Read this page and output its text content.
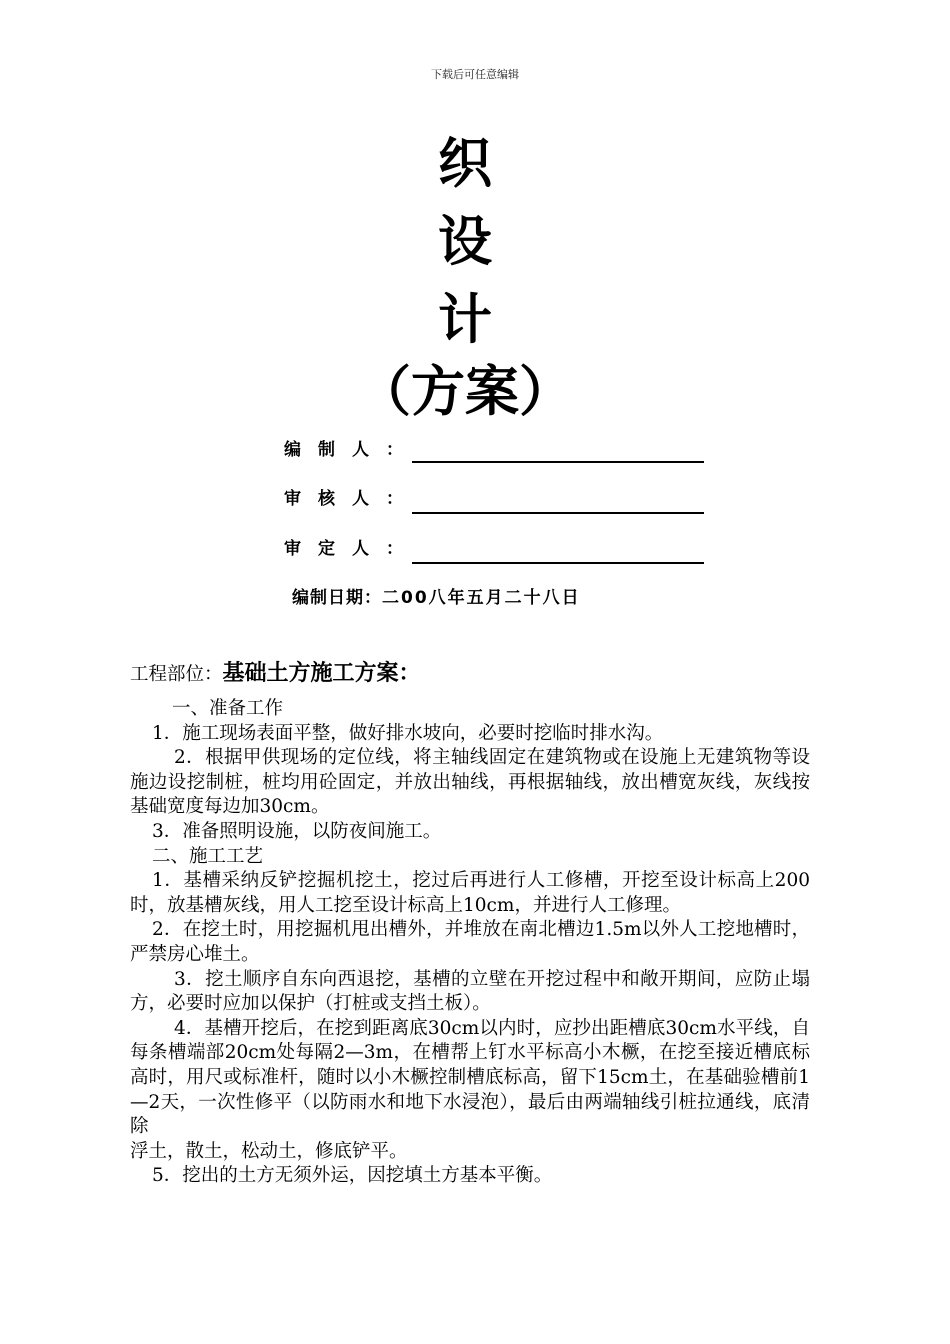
下载后可任意编辑
织
设
计
（方案）
编制人：
审核人：
审定人：
编制日期：二00八年五月二十八日
工程部位：基础土方施工方案：

一、准备工作

1．施工现场表面平整，做好排水坡向，必要时挖临时排水沟。

2．根据甲供现场的定位线，将主轴线固定在建筑物或在设施上无建筑物等设施边设挖制桩，桩均用砼固定，并放出轴线，再根据轴线，放出槽宽灰线，灰线按基础宽度每边加30cm。

3．准备照明设施，以防夜间施工。

二、施工工艺

1．基槽采纳反铲挖掘机挖土，挖过后再进行人工修槽，开挖至设计标高上200时，放基槽灰线，用人工挖至设计标高上10cm，并进行人工修理。

2．在挖土时，用挖掘机甩出槽外，并堆放在南北槽边1.5m以外人工挖地槽时，严禁房心堆土。

3．挖土顺序自东向西退挖，基槽的立壁在开挖过程中和敞开期间，应防止塌方，必要时应加以保护（打桩或支挡土板）。

4．基槽开挖后，在挖到距离底30cm以内时，应抄出距槽底30cm水平线，自每条槽端部20cm处每隔2—3m，在槽帮上钉水平标高小木橛，在挖至接近槽底标高时，用尺或标准杆，随时以小木橛控制槽底标高，留下15cm土，在基础验槽前1—2天，一次性修平（以防雨水和地下水浸泡），最后由两端轴线引桩拉通线，底清除

浮土，散土，松动土，修底铲平。

5．挖出的土方无须外运，因挖填土方基本平衡。
